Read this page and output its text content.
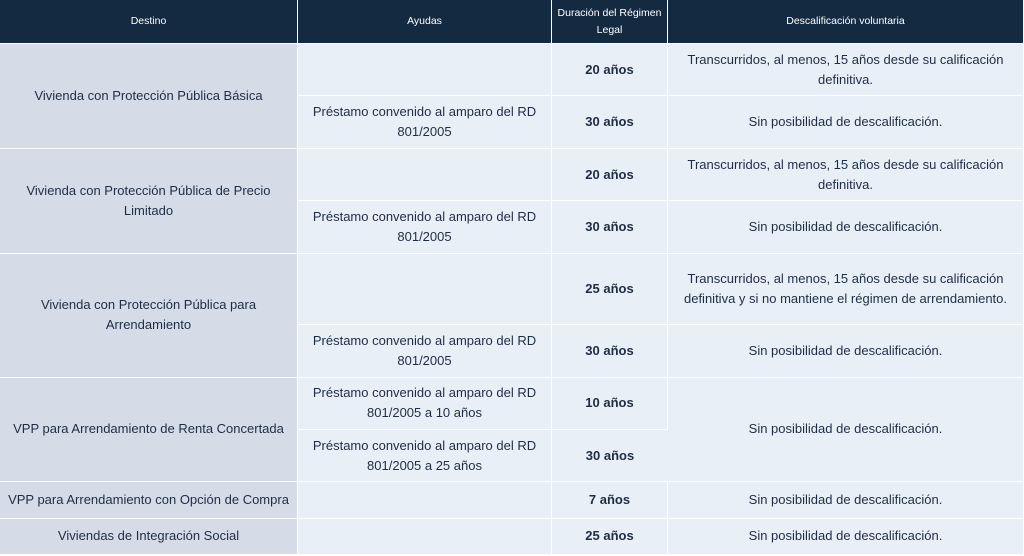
Destino	Ayudas	Duración del Régimen Legal	Descalificación voluntaria
Vivienda con Protección Pública Básica		20 años	Transcurridos, al menos, 15 años desde su calificación definitiva.
	Préstamo convenido al amparo del RD 801/2005	30 años	Sin posibilidad de descalificación.
Vivienda con Protección Pública de Precio Limitado		20 años	Transcurridos, al menos, 15 años desde su calificación definitiva.
	Préstamo convenido al amparo del RD 801/2005	30 años	Sin posibilidad de descalificación.
Vivienda con Protección Pública para Arrendamiento		25 años	Transcurridos, al menos, 15 años desde su calificación definitiva y si no mantiene el régimen de arrendamiento.
	Préstamo convenido al amparo del RD 801/2005	30 años	Sin posibilidad de descalificación.
VPP para Arrendamiento de Renta Concertada	Préstamo convenido al amparo del RD 801/2005 a 10 años	10 años	Sin posibilidad de descalificación.
	Préstamo convenido al amparo del RD 801/2005 a 25 años	30 años	
VPP para Arrendamiento con Opción de Compra		7 años	Sin posibilidad de descalificación.
Viviendas de Integración Social		25 años	Sin posibilidad de descalificación.
